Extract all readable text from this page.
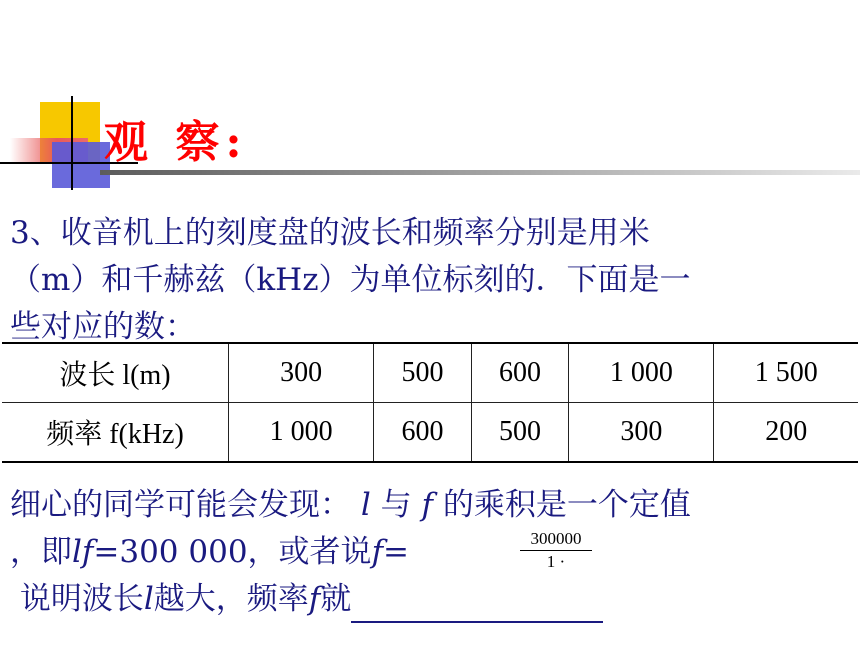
观 察:

3、收音机上的刻度盘的波长和频率分别是用米
（m）和千赫兹（kHz）为单位标刻的．下面是一
些对应的数：

波长 l(m)	300	500	600	1 000	1 500
频率 f(kHz)	1 000	600	500	300	200

细心的同学可能会发现： l 与 f 的乘积是一个定值
，即lf=300 000，或者说f=
说明波长l越大，频率f就

$\frac{300000}{1 \cdot}$
